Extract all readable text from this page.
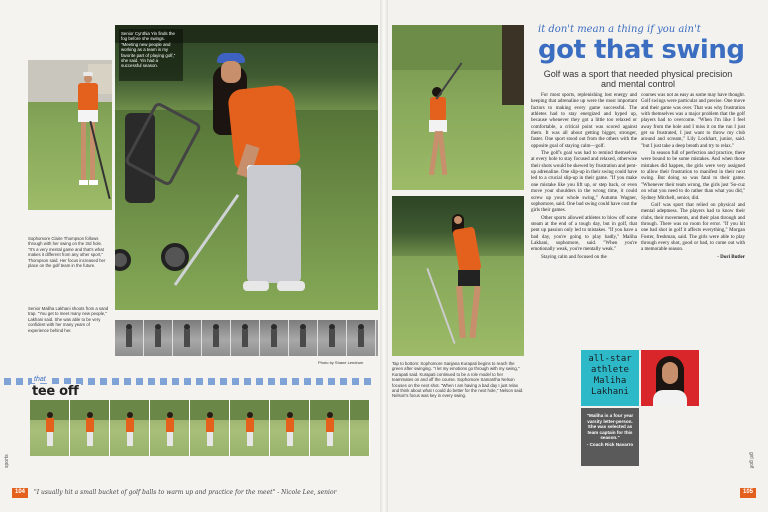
Senior Cynthia Yin finds the fog before she swings. "Meeting new people and working as a team is my favorite part of playing golf," she said. Yin had a successful season.
Sophomore Claire Thompson follows through with her swing on the 3rd hole. "It's a very mental game and that's what makes it different from any other sport," Thompson said. Her focus increased her place on the golf team in the future.
Senior Maliha Lakhani shoots from a sand trap. "You get to meet many new people," Lakhani said. She was able to be very confident with her many years of experience behind her.
Photo by Shane Lendrum
that
tee off
sports
104	"I usually hit a small bucket of golf balls to warm up and practice for the meet" - Nicole Lee, senior
Tap to bottom: Sophomore Sanjana Kurapati begins to reach the green after swinging. "I let my emotions go through with my swing," Kurapati said. Kurapati continued to be a role model to her teammates on and off the course. Sophomore Samantha Nelson focuses on the next shot. "When I am having a bad day I just relax and think about what I could do better for the next hole," Nelson said. Nelson's focus was key in every swing.
it don't mean a thing if you ain't
got that swing
Golf was a sport that needed physical precision and mental control

For most sports, replenishing lost energy and keeping that adrenaline up were the most important factors to making every game successful. The athletes had to stay energized and hyped up, because whenever they got a little too relaxed or comfortable, a critical point was scored against them. It was all about getting bigger, stronger, faster. One sport stood out from the others with the opposite goal of staying calm—golf.

The golf's goal was had to remind themselves at every hole to stay focused and relaxed, otherwise their shots would be skewed by frustration and pent-up adrenaline. One slip-up in their swing could have led to a crucial slip-up in their game. "If you make one mistake like you lift up, or step back, or even move your shoulders in the wrong time, it could screw up your whole swing," Autumn Wagner, sophomore, said. One bad swing could have cost the girls their games.

Other sports allowed athletes to blow off some steam at the end of a tough day, but in golf, that pent up passion only led to mistakes. "If you have a bad day, you're going to play badly," Maliha Lakhani, sophomore, said. "When you're emotionally weak, you're mentally weak."

Staying calm and focused on the

courses was not as easy as some may have thought. Golf swings were particular and precise. One move and their game was over. That was why frustration with themselves was a major problem that the golf players had to overcome. "When I'm like I feel away from the hole and I miss it on the run I just get so frustrated, I just want to throw my club around and scream," Lily Lockhart, junior, said. "but I just take a deep breath and try to relax."

In season full of perfection and practice, there were bound to be some mistakes. And when those mistakes did happen, the girls were very assigned to allow their frustration to manifest in their next swing. But doing so was fatal to their game. "Whenever their team wrong, the girls just 'So-cuz on what you need to do rather than what you did," Sydney Mitchell, senior, did.

Golf was sport that relied on physical and mental adeptness. The players had to know their clubs, their movements, and their plan through and through. There was no room for error. "If you hit one bad shot in golf it affects everything," Morgan Foster, freshman, said. The girls were able to play through every shot, good or bad, to come out with a memorable season.

- Dori Butler

all-star
athlete
Maliha
Lakhani
"Maliha is a four year varsity letter-person. She was selected as team captain for this season."
- Coach Rick Navarro
girl golf
105
